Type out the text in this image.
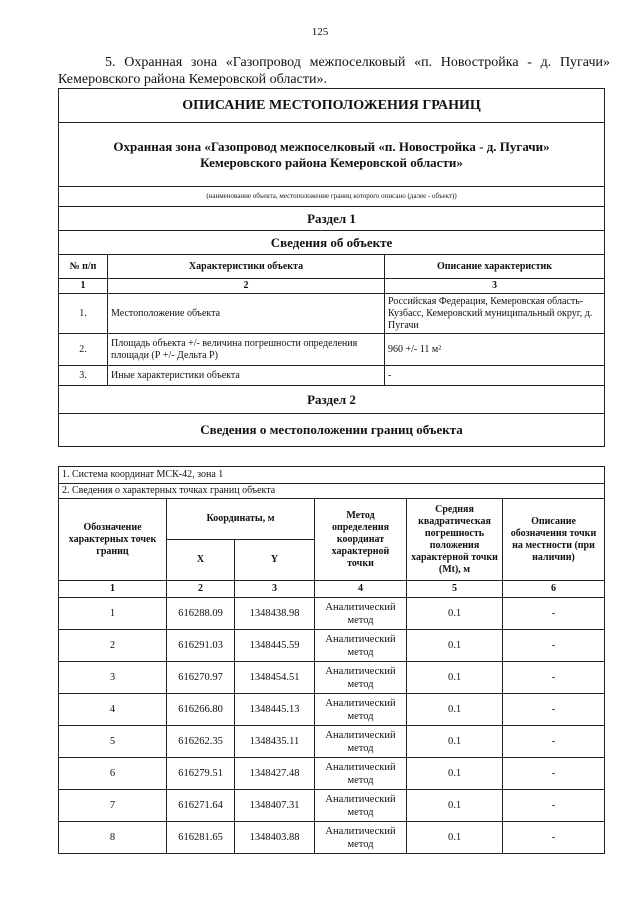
125
5. Охранная зона «Газопровод межпоселковый «п. Новостройка - д. Пугачи»
Кемеровского района Кемеровской области».
ОПИСАНИЕ МЕСТОПОЛОЖЕНИЯ ГРАНИЦ		
Охранная зона «Газопровод межпоселковый «п. Новостройка - д. Пугачи»
Кемеровского района Кемеровской области»		
(наименование объекта, местоположение границ которого описано (далее - объект))		
Раздел 1		
Сведения об объекте		
№ п/п	Характеристики объекта	Описание характеристик
1	2	3
1.	Местоположение объекта	Российская Федерация, Кемеровская область-Кузбасс, Кемеровский муниципальный округ, д. Пугачи
2.	Площадь объекта +/- величина погрешности определения площади (Р +/- Дельта Р)	960 +/- 11 м²
3.	Иные характеристики объекта	-
Раздел 2		
Сведения о местоположении границ объекта		
1. Система координат МСК-42, зона 1					
2. Сведения о характерных точках границ объекта					
Обозначение характерных точек границ	Координаты, м		Метод определения координат характерной точки	Средняя квадратическая погрешность положения характерной точки (Mt), м	Описание обозначения точки на местности (при наличии)
	X	Y			
1	2	3	4	5	6
1	616288.09	1348438.98	Аналитический метод	0.1	-
2	616291.03	1348445.59	Аналитический метод	0.1	-
3	616270.97	1348454.51	Аналитический метод	0.1	-
4	616266.80	1348445.13	Аналитический метод	0.1	-
5	616262.35	1348435.11	Аналитический метод	0.1	-
6	616279.51	1348427.48	Аналитический метод	0.1	-
7	616271.64	1348407.31	Аналитический метод	0.1	-
8	616281.65	1348403.88	Аналитический метод	0.1	-
